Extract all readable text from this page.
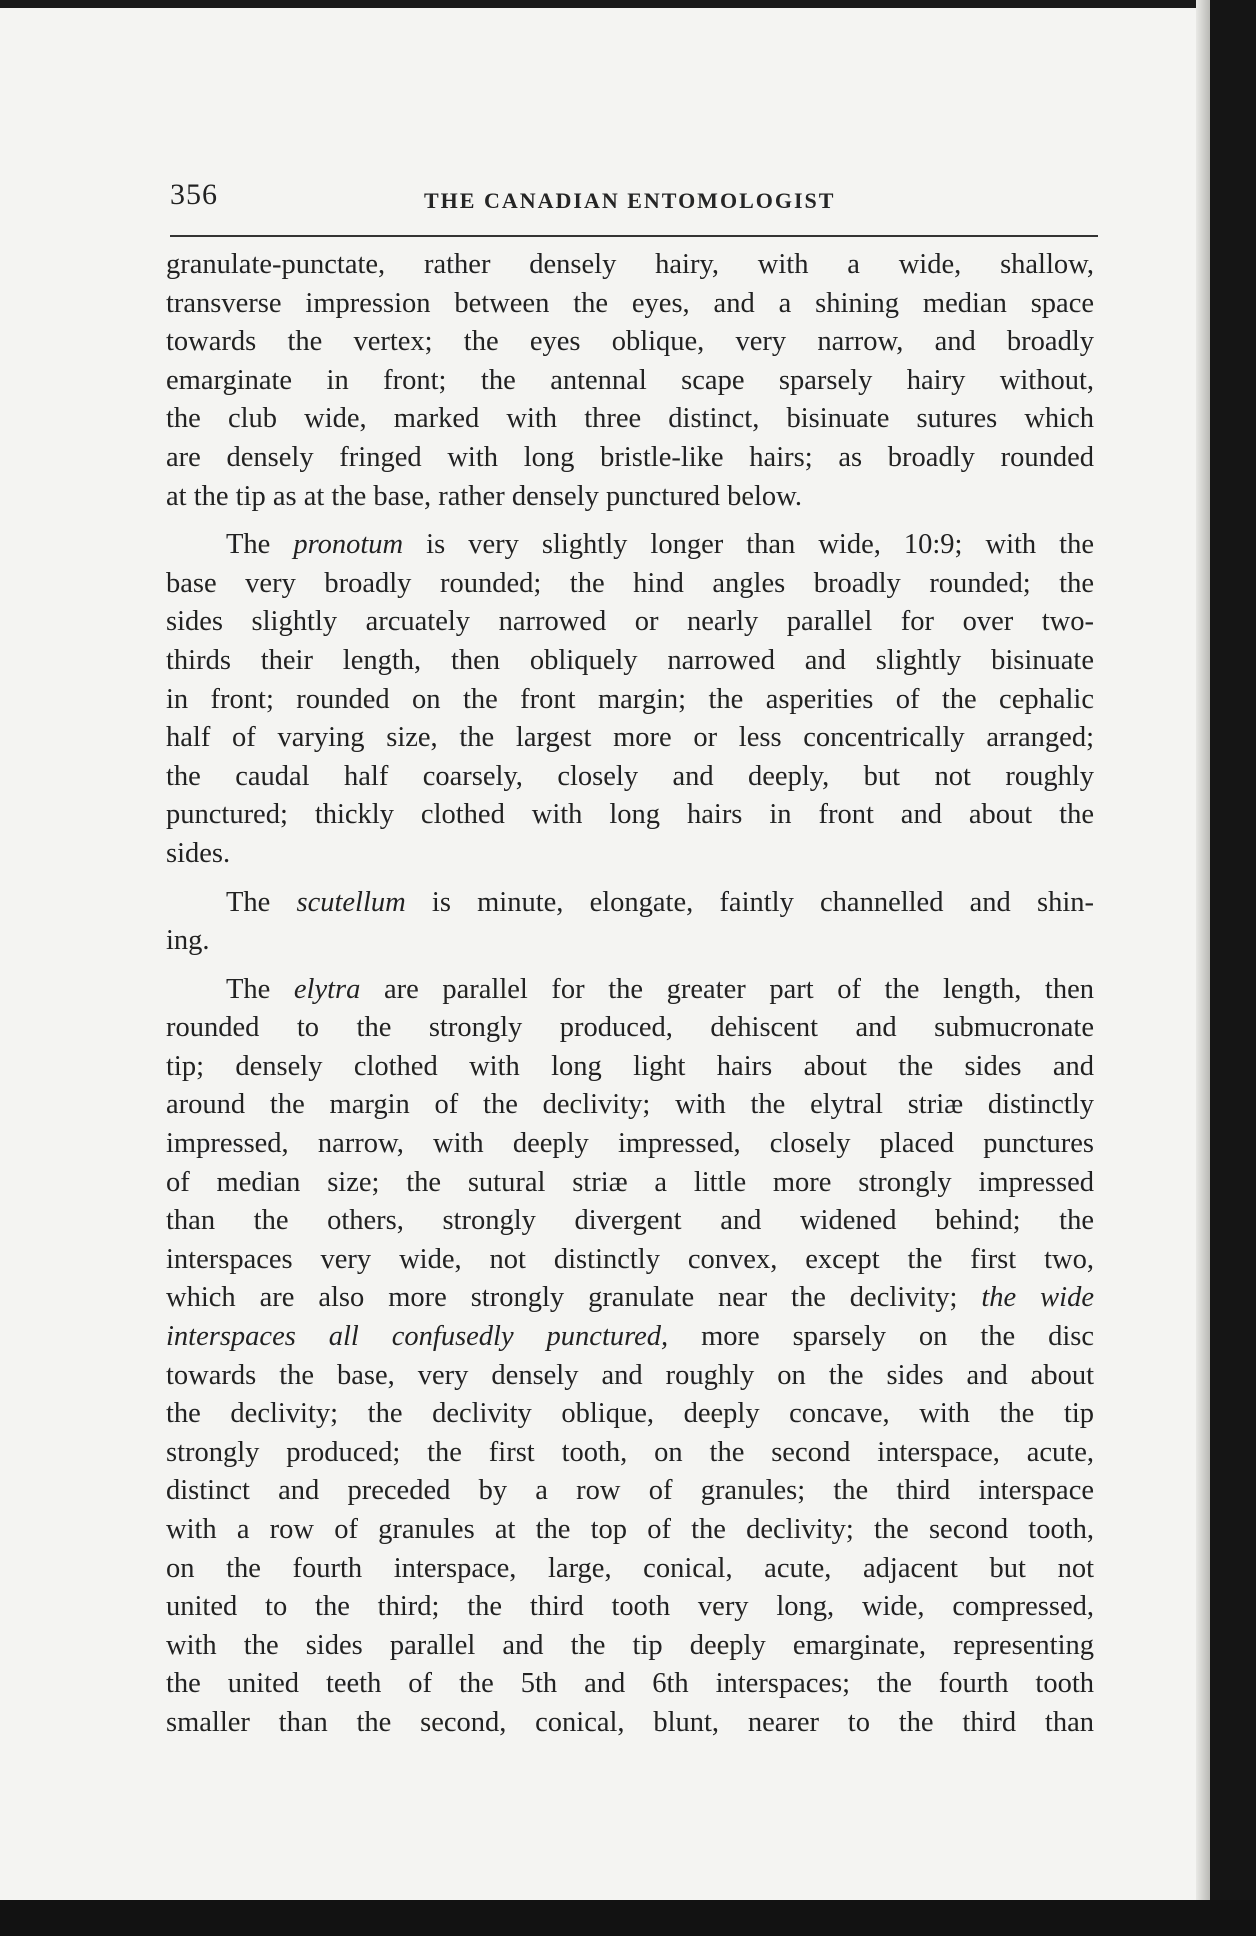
356	THE CANADIAN ENTOMOLOGIST
granulate-punctate, rather densely hairy, with a wide, shallow,
transverse impression between the eyes, and a shining median space
towards the vertex; the eyes oblique, very narrow, and broadly
emarginate in front; the antennal scape sparsely hairy without,
the club wide, marked with three distinct, bisinuate sutures which
are densely fringed with long bristle-like hairs; as broadly rounded
at the tip as at the base, rather densely punctured below.
The pronotum is very slightly longer than wide, 10:9; with the
base very broadly rounded; the hind angles broadly rounded; the
sides slightly arcuately narrowed or nearly parallel for over two-
thirds their length, then obliquely narrowed and slightly bisinuate
in front; rounded on the front margin; the asperities of the cephalic
half of varying size, the largest more or less concentrically arranged;
the caudal half coarsely, closely and deeply, but not roughly
punctured; thickly clothed with long hairs in front and about the
sides.
The scutellum is minute, elongate, faintly channelled and shin-
ing.
The elytra are parallel for the greater part of the length, then
rounded to the strongly produced, dehiscent and submucronate
tip; densely clothed with long light hairs about the sides and
around the margin of the declivity; with the elytral striæ distinctly
impressed, narrow, with deeply impressed, closely placed punctures
of median size; the sutural striæ a little more strongly impressed
than the others, strongly divergent and widened behind; the
interspaces very wide, not distinctly convex, except the first two,
which are also more strongly granulate near the declivity; the wide
interspaces all confusedly punctured, more sparsely on the disc
towards the base, very densely and roughly on the sides and about
the declivity; the declivity oblique, deeply concave, with the tip
strongly produced; the first tooth, on the second interspace, acute,
distinct and preceded by a row of granules; the third interspace
with a row of granules at the top of the declivity; the second tooth,
on the fourth interspace, large, conical, acute, adjacent but not
united to the third; the third tooth very long, wide, compressed,
with the sides parallel and the tip deeply emarginate, representing
the united teeth of the 5th and 6th interspaces; the fourth tooth
smaller than the second, conical, blunt, nearer to the third than
